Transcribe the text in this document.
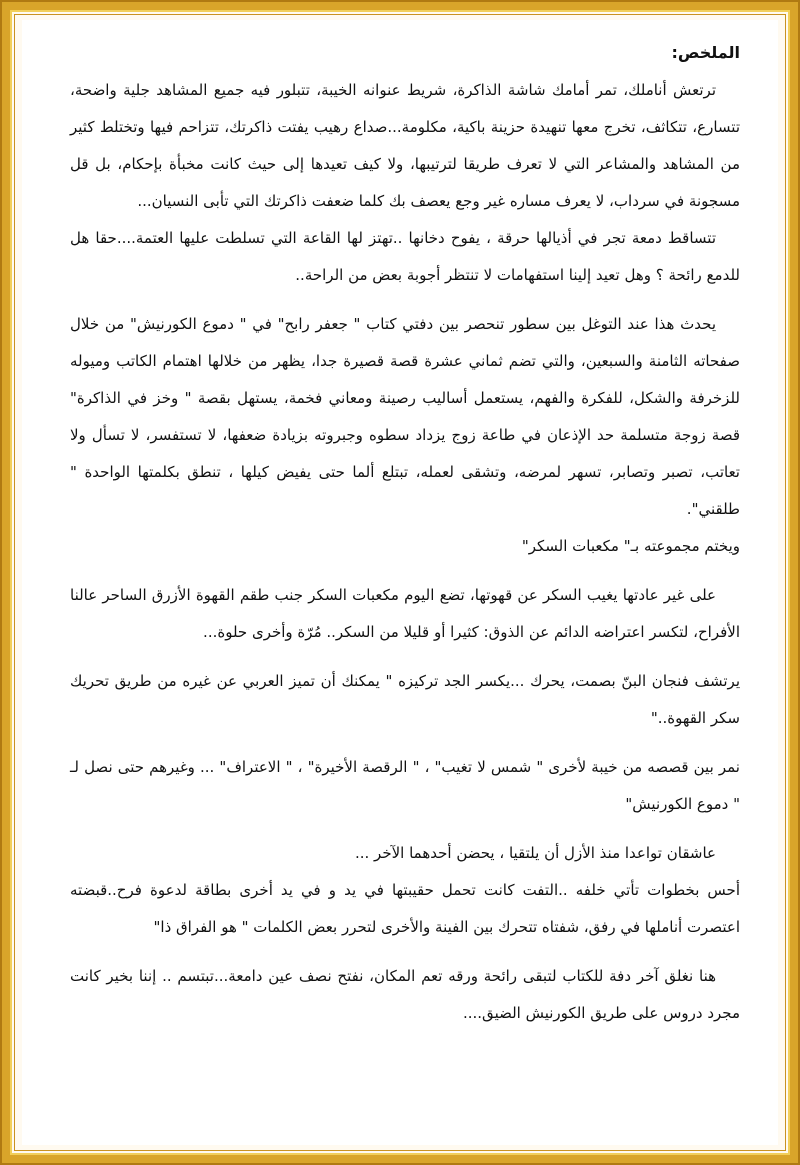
الملخص:

ترتعش أناملك، تمر أمامك شاشة الذاكرة، شريط عنوانه الخيبة، تتبلور فيه جميع المشاهد جلية واضحة، تتسارع، تتكاثف، تخرج معها تنهيدة حزينة باكية، مكلومة...صداع رهيب يفتت ذاكرتك، تتزاحم فيها وتختلط كثير من المشاهد والمشاعر التي لا تعرف طريقا لترتيبها، ولا كيف تعيدها إلى حيث كانت مخبأة بإحكام، بل قل مسجونة في سرداب، لا يعرف مساره غير وجع يعصف بك كلما ضعفت ذاكرتك التي تأبى النسيان...

تتساقط دمعة تجر في أذيالها حرقة ، يفوح دخانها ..تهتز لها القاعة التي تسلطت عليها العتمة....حقا هل للدمع رائحة ؟ وهل تعيد إلينا استفهامات لا تنتظر أجوبة بعض من الراحة..

يحدث هذا عند التوغل بين سطور تنحصر بين دفتي كتاب " جعفر رابح" في " دموع الكورنيش" من خلال صفحاته الثامنة والسبعين، والتي تضم ثماني عشرة قصة قصيرة جدا، يظهر من خلالها اهتمام الكاتب وميوله للزخرفة والشكل، للفكرة والفهم، يستعمل أساليب رصينة ومعاني فخمة، يستهل بقصة " وخز في الذاكرة" قصة زوجة متسلمة حد الإذعان في طاعة زوج يزداد سطوه وجبروته بزيادة ضعفها، لا تستفسر، لا تسأل ولا تعاتب، تصبر وتصابر، تسهر لمرضه، وتشقى لعمله، تبتلع ألما حتى يفيض كيلها ، تنطق بكلمتها الواحدة " طلقني".

ويختم مجموعته بـ" مكعبات السكر"

على غير عادتها يغيب السكر عن قهوتها، تضع اليوم مكعبات السكر جنب طقم القهوة الأزرق الساحر عالنا الأفراح، لتكسر اعتراضه الدائم عن الذوق: كثيرا أو قليلا من السكر.. مُرّة وأخرى حلوة...

يرتشف فنجان البنّ بصمت، يحرك ...يكسر الجد تركيزه " يمكنك أن تميز العربي عن غيره من طريق تحريك سكر القهوة.."

نمر بين قصصه من خيبة لأخرى " شمس لا تغيب" ، " الرقصة الأخيرة" ، " الاعتراف" ... وغيرهم حتى نصل لـ " دموع الكورنيش"

عاشقان تواعدا منذ الأزل أن يلتقيا ، يحضن أحدهما الآخر ...

أحس بخطوات تأتي خلفه ..التفت كانت تحمل حقيبتها في يد و في يد أخرى بطاقة لدعوة فرح..قبضته اعتصرت أناملها في رفق، شفتاه تتحرك بين الفينة والأخرى لتحرر بعض الكلمات " هو الفراق ذا"

هنا نغلق آخر دفة للكتاب لتبقى رائحة ورقه تعم المكان، نفتح نصف عين دامعة...تبتسم .. إننا بخير كانت مجرد دروس على طريق الكورنيش الضيق....
